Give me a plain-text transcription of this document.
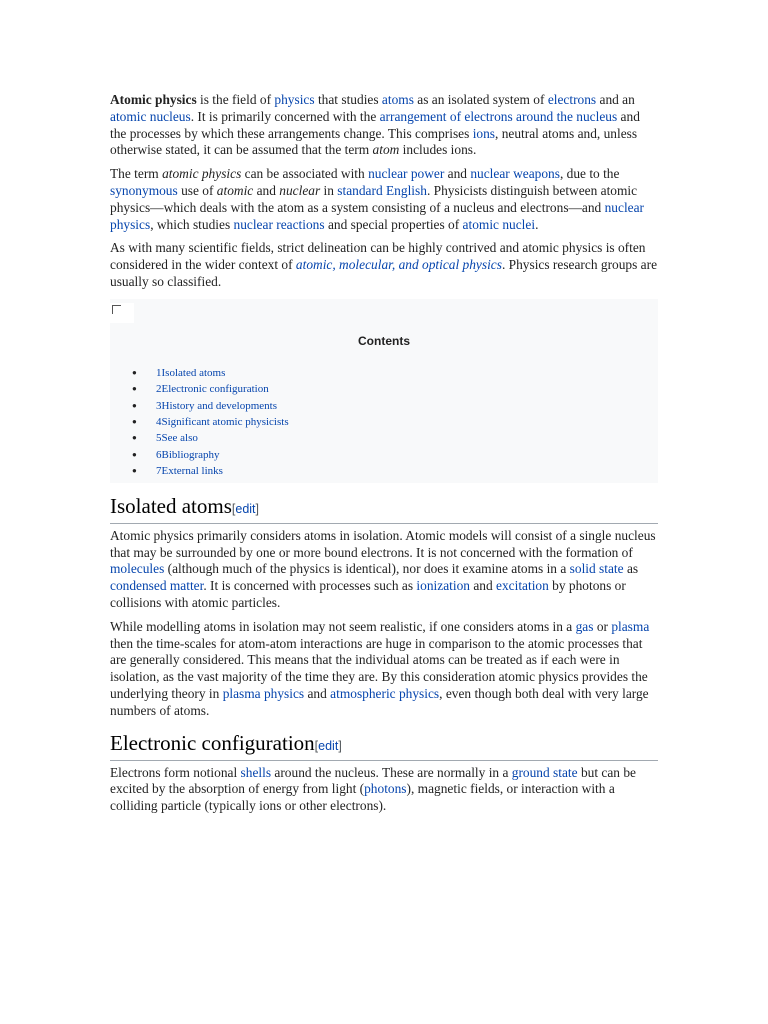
Atomic physics is the field of physics that studies atoms as an isolated system of electrons and an atomic nucleus. It is primarily concerned with the arrangement of electrons around the nucleus and the processes by which these arrangements change. This comprises ions, neutral atoms and, unless otherwise stated, it can be assumed that the term atom includes ions.

The term atomic physics can be associated with nuclear power and nuclear weapons, due to the synonymous use of atomic and nuclear in standard English. Physicists distinguish between atomic physics—which deals with the atom as a system consisting of a nucleus and electrons—and nuclear physics, which studies nuclear reactions and special properties of atomic nuclei.

As with many scientific fields, strict delineation can be highly contrived and atomic physics is often considered in the wider context of atomic, molecular, and optical physics. Physics research groups are usually so classified.

Contents
● 1Isolated atoms
● 2Electronic configuration
● 3History and developments
● 4Significant atomic physicists
● 5See also
● 6Bibliography
● 7External links
Isolated atoms[edit]

Atomic physics primarily considers atoms in isolation. Atomic models will consist of a single nucleus that may be surrounded by one or more bound electrons. It is not concerned with the formation of molecules (although much of the physics is identical), nor does it examine atoms in a solid state as condensed matter. It is concerned with processes such as ionization and excitation by photons or collisions with atomic particles.

While modelling atoms in isolation may not seem realistic, if one considers atoms in a gas or plasma then the time-scales for atom-atom interactions are huge in comparison to the atomic processes that are generally considered. This means that the individual atoms can be treated as if each were in isolation, as the vast majority of the time they are. By this consideration atomic physics provides the underlying theory in plasma physics and atmospheric physics, even though both deal with very large numbers of atoms.

Electronic configuration[edit]

Electrons form notional shells around the nucleus. These are normally in a ground state but can be excited by the absorption of energy from light (photons), magnetic fields, or interaction with a colliding particle (typically ions or other electrons).
